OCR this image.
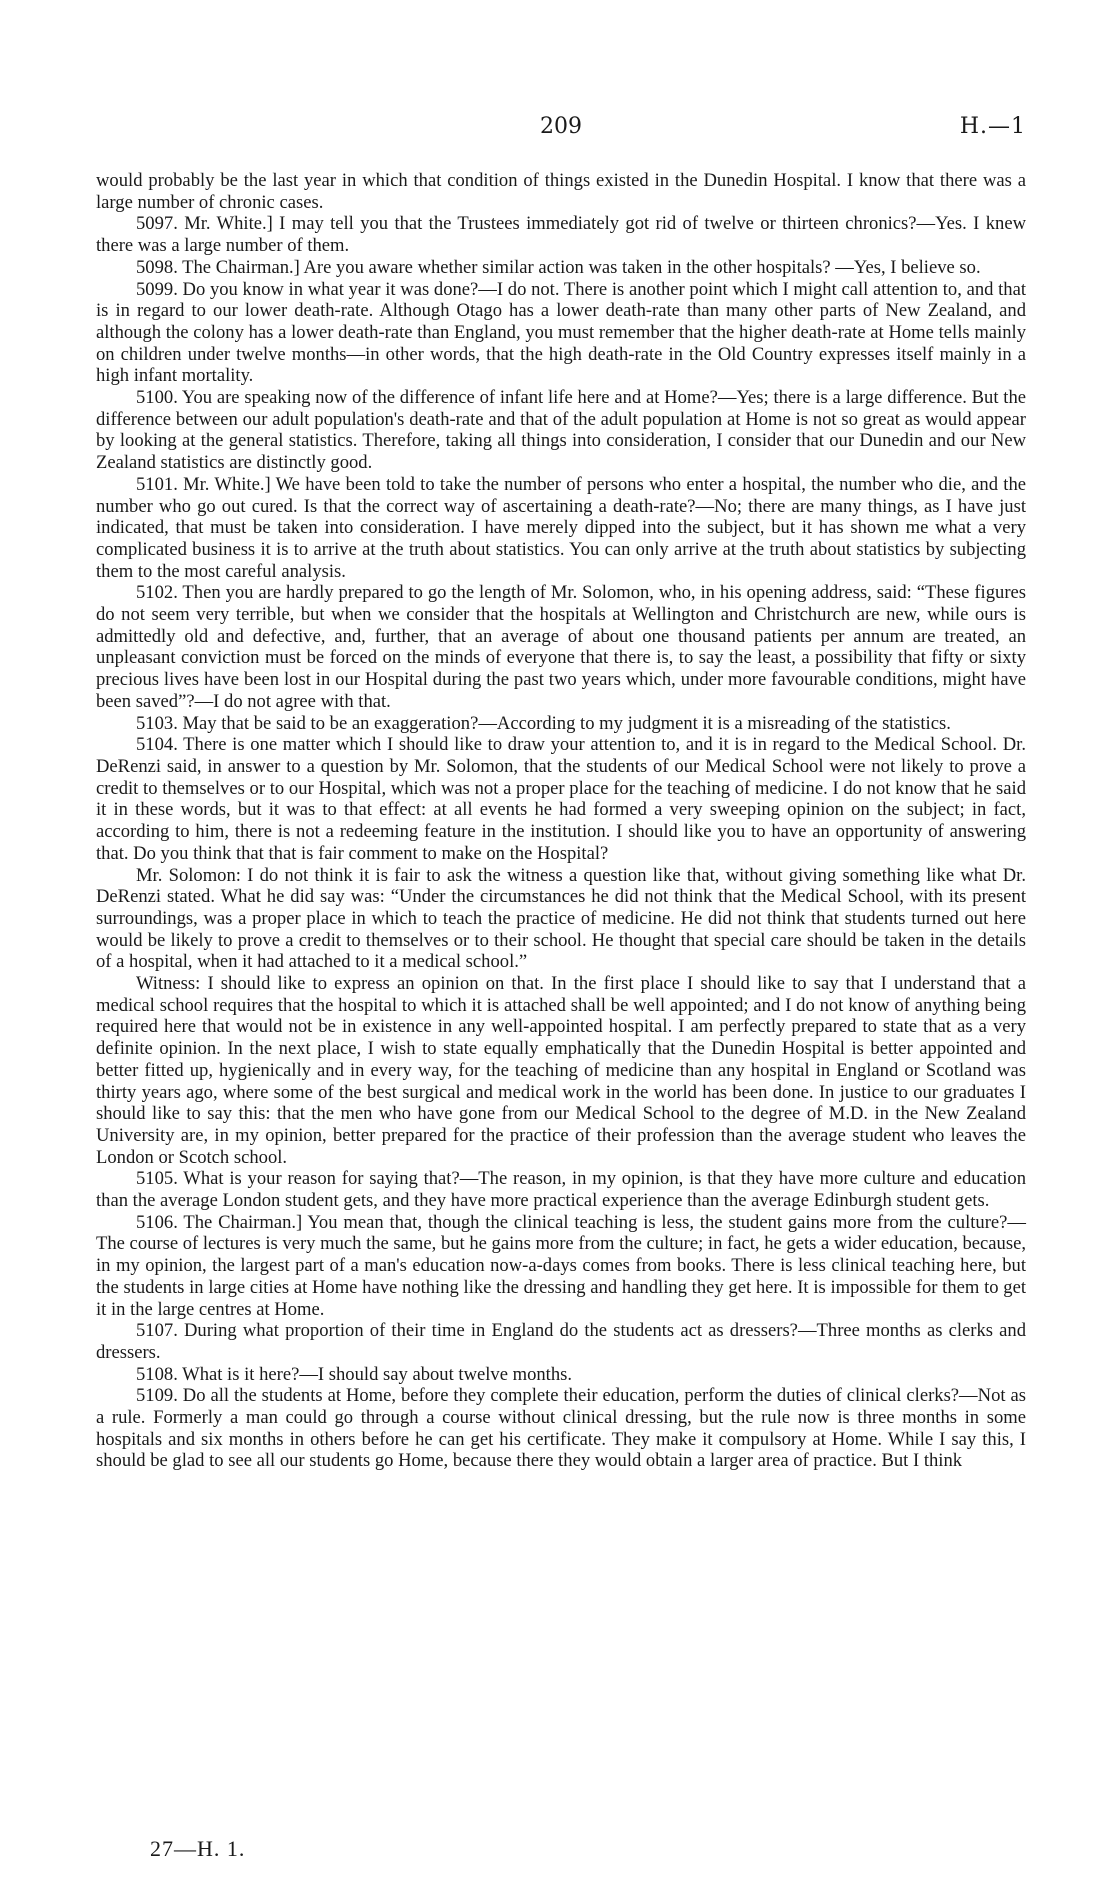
209	H.—1

would probably be the last year in which that condition of things existed in the Dunedin Hospital. I know that there was a large number of chronic cases.

5097. Mr. White.] I may tell you that the Trustees immediately got rid of twelve or thirteen chronics?—Yes. I knew there was a large number of them.

5098. The Chairman.] Are you aware whether similar action was taken in the other hospitals? —Yes, I believe so.

5099. Do you know in what year it was done?—I do not. There is another point which I might call attention to, and that is in regard to our lower death-rate. Although Otago has a lower death-rate than many other parts of New Zealand, and although the colony has a lower death-rate than England, you must remember that the higher death-rate at Home tells mainly on children under twelve months—in other words, that the high death-rate in the Old Country expresses itself mainly in a high infant mortality.

5100. You are speaking now of the difference of infant life here and at Home?—Yes; there is a large difference. But the difference between our adult population's death-rate and that of the adult population at Home is not so great as would appear by looking at the general statistics. Therefore, taking all things into consideration, I consider that our Dunedin and our New Zealand statistics are distinctly good.

5101. Mr. White.] We have been told to take the number of persons who enter a hospital, the number who die, and the number who go out cured. Is that the correct way of ascertaining a death-rate?—No; there are many things, as I have just indicated, that must be taken into consideration. I have merely dipped into the subject, but it has shown me what a very complicated business it is to arrive at the truth about statistics. You can only arrive at the truth about statistics by subjecting them to the most careful analysis.

5102. Then you are hardly prepared to go the length of Mr. Solomon, who, in his opening address, said: “These figures do not seem very terrible, but when we consider that the hospitals at Wellington and Christchurch are new, while ours is admittedly old and defective, and, further, that an average of about one thousand patients per annum are treated, an unpleasant conviction must be forced on the minds of everyone that there is, to say the least, a possibility that fifty or sixty precious lives have been lost in our Hospital during the past two years which, under more favourable conditions, might have been saved”?—I do not agree with that.

5103. May that be said to be an exaggeration?—According to my judgment it is a misreading of the statistics.

5104. There is one matter which I should like to draw your attention to, and it is in regard to the Medical School. Dr. DeRenzi said, in answer to a question by Mr. Solomon, that the students of our Medical School were not likely to prove a credit to themselves or to our Hospital, which was not a proper place for the teaching of medicine. I do not know that he said it in these words, but it was to that effect: at all events he had formed a very sweeping opinion on the subject; in fact, according to him, there is not a redeeming feature in the institution. I should like you to have an opportunity of answering that. Do you think that that is fair comment to make on the Hospital?

Mr. Solomon: I do not think it is fair to ask the witness a question like that, without giving something like what Dr. DeRenzi stated. What he did say was: “Under the circumstances he did not think that the Medical School, with its present surroundings, was a proper place in which to teach the practice of medicine. He did not think that students turned out here would be likely to prove a credit to themselves or to their school. He thought that special care should be taken in the details of a hospital, when it had attached to it a medical school.”

Witness: I should like to express an opinion on that. In the first place I should like to say that I understand that a medical school requires that the hospital to which it is attached shall be well appointed; and I do not know of anything being required here that would not be in existence in any well-appointed hospital. I am perfectly prepared to state that as a very definite opinion. In the next place, I wish to state equally emphatically that the Dunedin Hospital is better appointed and better fitted up, hygienically and in every way, for the teaching of medicine than any hospital in England or Scotland was thirty years ago, where some of the best surgical and medical work in the world has been done. In justice to our graduates I should like to say this: that the men who have gone from our Medical School to the degree of M.D. in the New Zealand University are, in my opinion, better prepared for the practice of their profession than the average student who leaves the London or Scotch school.

5105. What is your reason for saying that?—The reason, in my opinion, is that they have more culture and education than the average London student gets, and they have more practical experience than the average Edinburgh student gets.

5106. The Chairman.] You mean that, though the clinical teaching is less, the student gains more from the culture?—The course of lectures is very much the same, but he gains more from the culture; in fact, he gets a wider education, because, in my opinion, the largest part of a man's education now-a-days comes from books. There is less clinical teaching here, but the students in large cities at Home have nothing like the dressing and handling they get here. It is impossible for them to get it in the large centres at Home.

5107. During what proportion of their time in England do the students act as dressers?—Three months as clerks and dressers.

5108. What is it here?—I should say about twelve months.

5109. Do all the students at Home, before they complete their education, perform the duties of clinical clerks?—Not as a rule. Formerly a man could go through a course without clinical dressing, but the rule now is three months in some hospitals and six months in others before he can get his certificate. They make it compulsory at Home. While I say this, I should be glad to see all our students go Home, because there they would obtain a larger area of practice. But I think

27—H. 1.
